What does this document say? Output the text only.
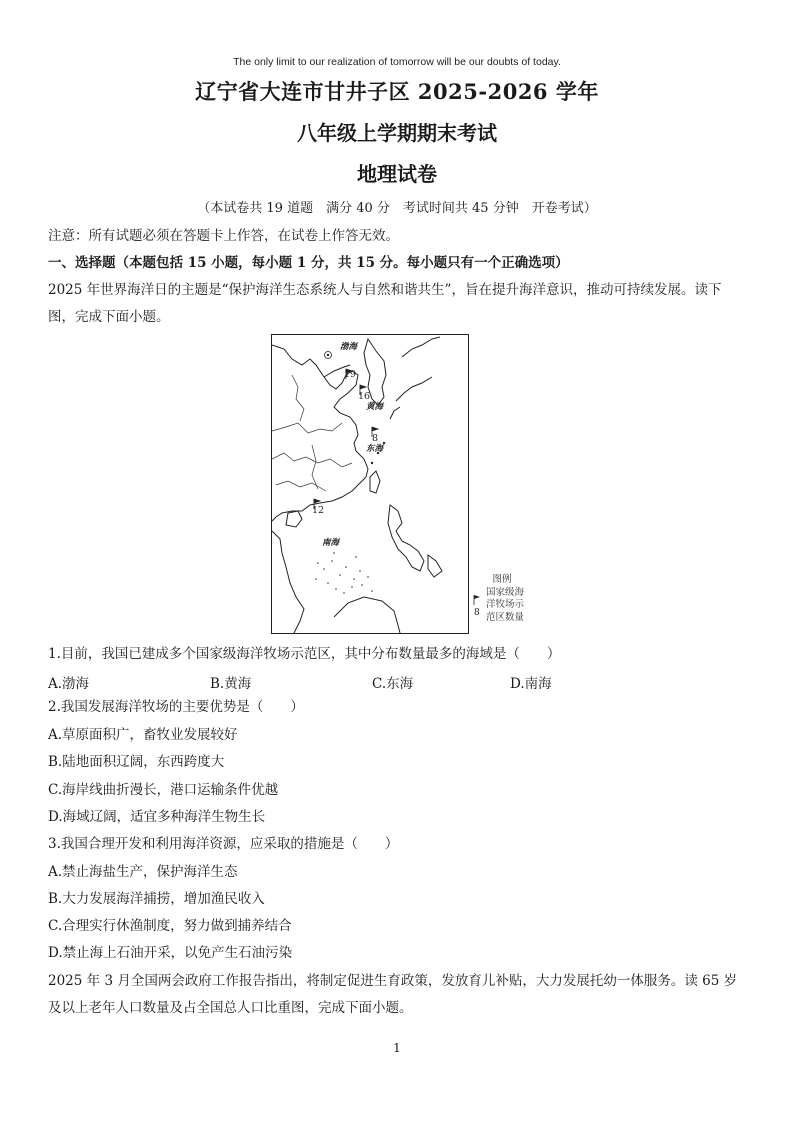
The only limit to our realization of tomorrow will be our doubts of today.
辽宁省大连市甘井子区 2025-2026 学年
八年级上学期期末考试
地理试卷
（本试卷共 19 道题　满分 40 分　考试时间共 45 分钟　开卷考试）
注意：所有试题必须在答题卡上作答，在试卷上作答无效。
一、选择题（本题包括 15 小题，每小题 1 分，共 15 分。每小题只有一个正确选项）
2025 年世界海洋日的主题是“保护海洋生态系统人与自然和谐共生”，旨在提升海洋意识，推动可持续发展。读下
图，完成下面小题。
渤海
19
黄海
16
东海
8
南海
12
图例
8
国家级海
洋牧场示
范区数量
1.目前，我国已建成多个国家级海洋牧场示范区，其中分布数量最多的海域是（　　）
A.渤海	B.黄海	C.东海	D.南海
2.我国发展海洋牧场的主要优势是（　　）
A.草原面积广，畜牧业发展较好
B.陆地面积辽阔，东西跨度大
C.海岸线曲折漫长，港口运输条件优越
D.海域辽阔，适宜多种海洋生物生长
3.我国合理开发和利用海洋资源，应采取的措施是（　　）
A.禁止海盐生产，保护海洋生态
B.大力发展海洋捕捞，增加渔民收入
C.合理实行休渔制度，努力做到捕养结合
D.禁止海上石油开采，以免产生石油污染
2025 年 3 月全国两会政府工作报告指出，将制定促进生育政策，发放育儿补贴，大力发展托幼一体服务。读 65 岁
及以上老年人口数量及占全国总人口比重图，完成下面小题。
1
